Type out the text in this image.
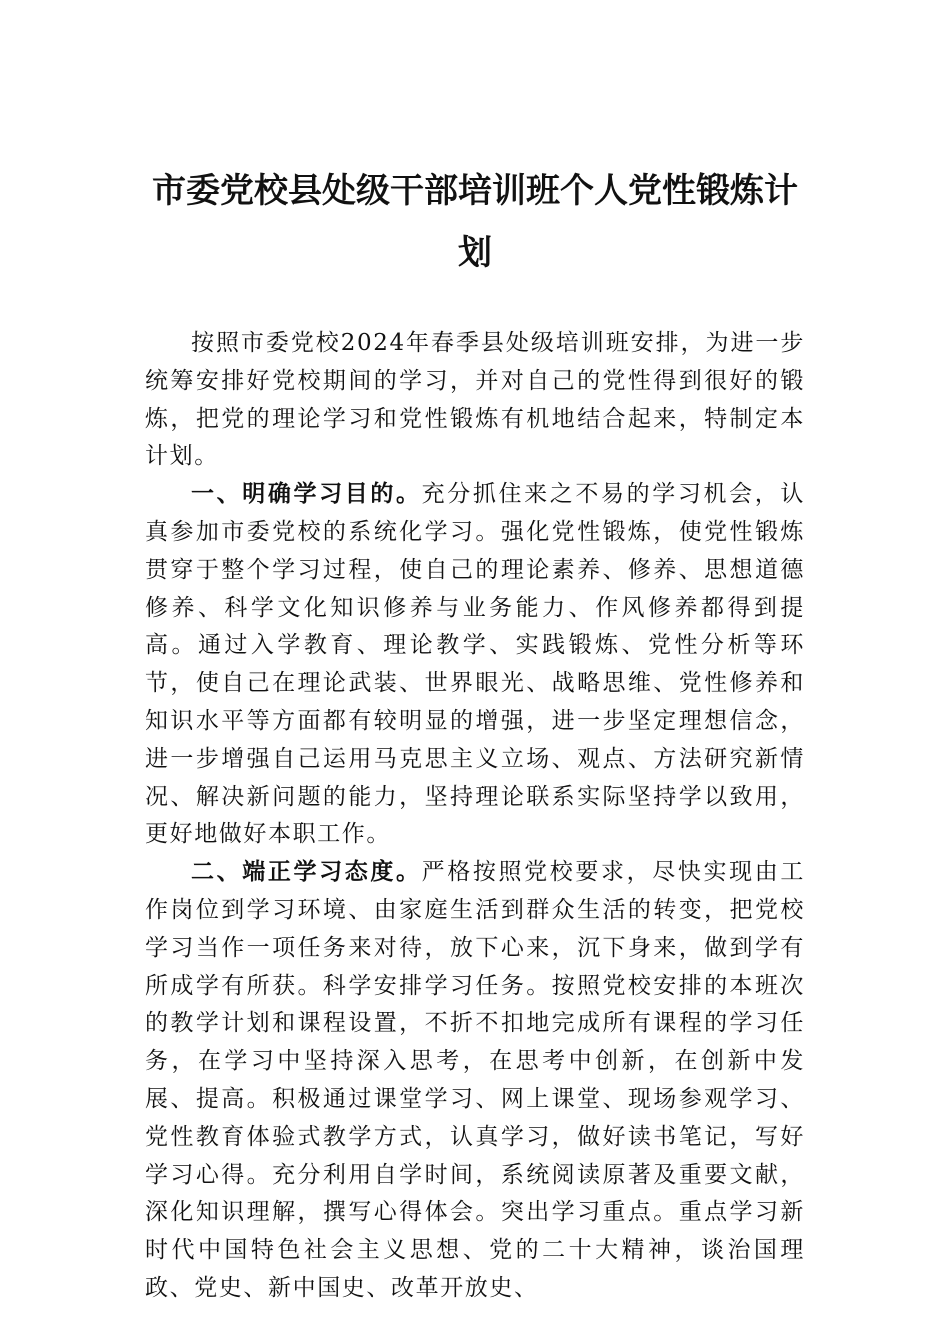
市委党校县处级干部培训班个人党性锻炼计划

按照市委党校2024年春季县处级培训班安排，为进一步统筹安排好党校期间的学习，并对自己的党性得到很好的锻炼，把党的理论学习和党性锻炼有机地结合起来，特制定本计划。

一、明确学习目的。充分抓住来之不易的学习机会，认真参加市委党校的系统化学习。强化党性锻炼，使党性锻炼贯穿于整个学习过程，使自己的理论素养、修养、思想道德修养、科学文化知识修养与业务能力、作风修养都得到提高。通过入学教育、理论教学、实践锻炼、党性分析等环节，使自己在理论武装、世界眼光、战略思维、党性修养和知识水平等方面都有较明显的增强，进一步坚定理想信念，进一步增强自己运用马克思主义立场、观点、方法研究新情况、解决新问题的能力，坚持理论联系实际坚持学以致用，更好地做好本职工作。

二、端正学习态度。严格按照党校要求，尽快实现由工作岗位到学习环境、由家庭生活到群众生活的转变，把党校学习当作一项任务来对待，放下心来，沉下身来，做到学有所成学有所获。科学安排学习任务。按照党校安排的本班次的教学计划和课程设置，不折不扣地完成所有课程的学习任务，在学习中坚持深入思考，在思考中创新，在创新中发展、提高。积极通过课堂学习、网上课堂、现场参观学习、党性教育体验式教学方式，认真学习，做好读书笔记，写好学习心得。充分利用自学时间，系统阅读原著及重要文献，深化知识理解，撰写心得体会。突出学习重点。重点学习新时代中国特色社会主义思想、党的二十大精神，谈治国理政、党史、新中国史、改革开放史、
